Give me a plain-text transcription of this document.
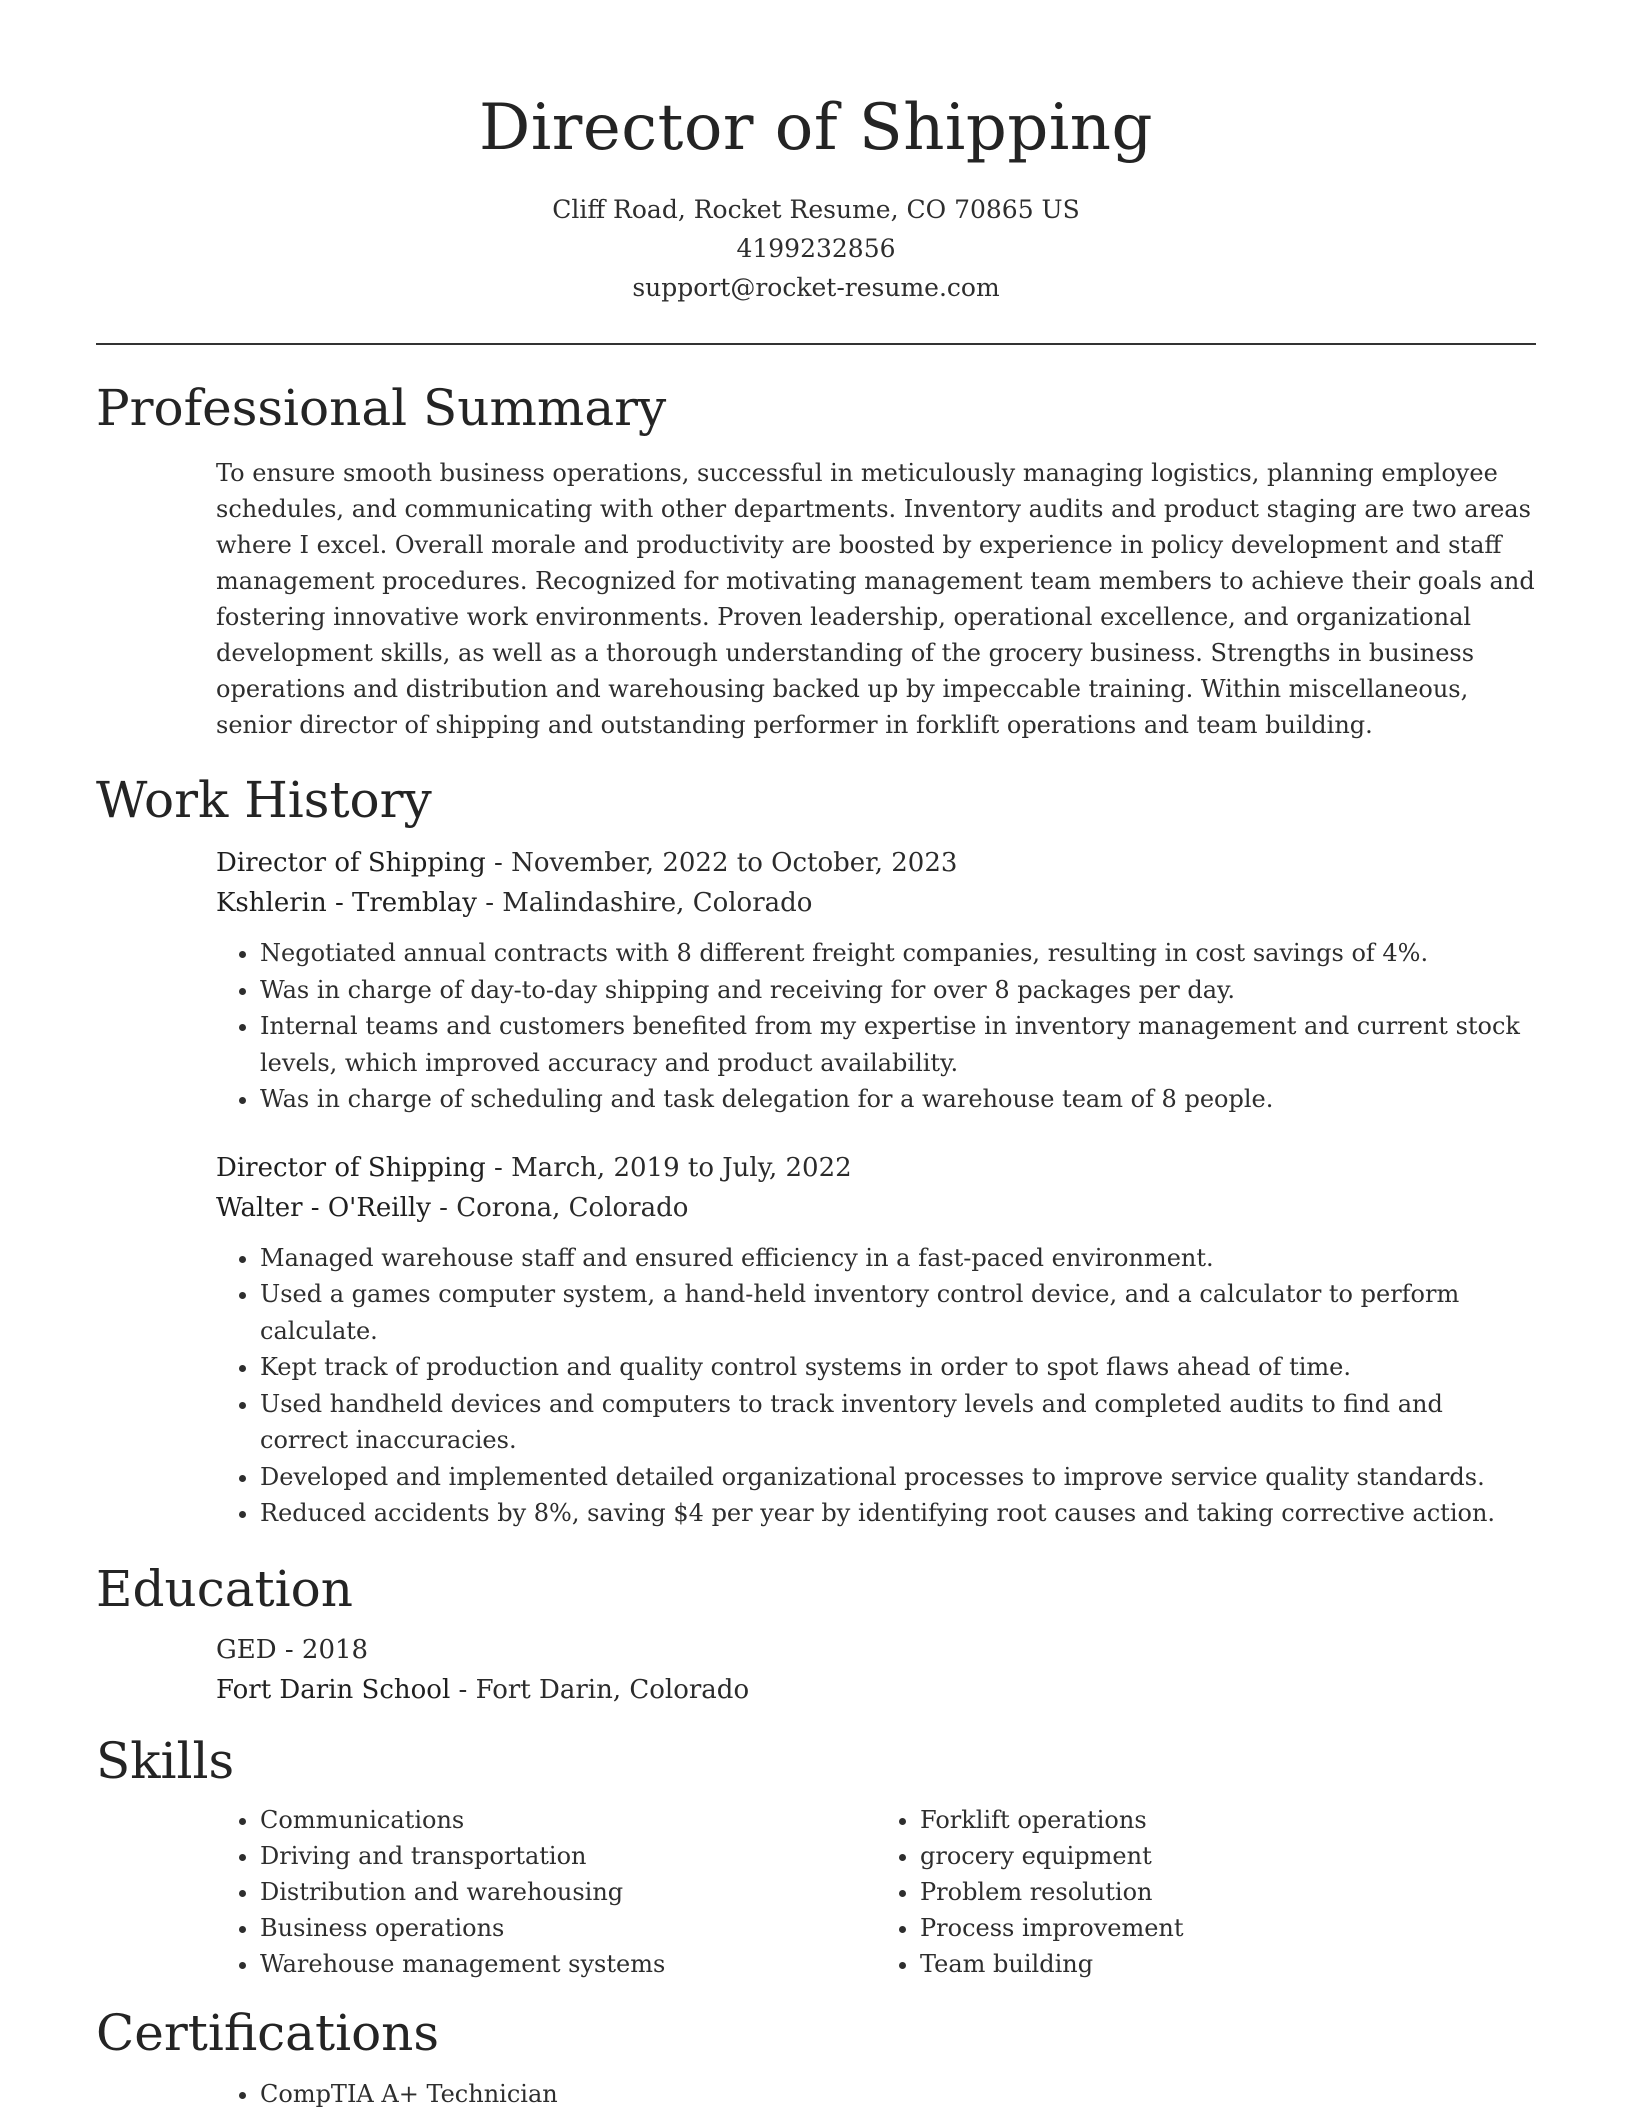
Director of Shipping
Cliff Road, Rocket Resume, CO 70865 US
4199232856
support@rocket-resume.com
Professional Summary

To ensure smooth business operations, successful in meticulously managing logistics, planning employee schedules, and communicating with other departments. Inventory audits and product staging are two areas where I excel. Overall morale and productivity are boosted by experience in policy development and staff management procedures. Recognized for motivating management team members to achieve their goals and fostering innovative work environments. Proven leadership, operational excellence, and organizational development skills, as well as a thorough understanding of the grocery business. Strengths in business operations and distribution and warehousing backed up by impeccable training. Within miscellaneous, senior director of shipping and outstanding performer in forklift operations and team building.

Work History
Director of Shipping - November, 2022 to October, 2023
Kshlerin - Tremblay - Malindashire, Colorado
• Negotiated annual contracts with 8 different freight companies, resulting in cost savings of 4%.
• Was in charge of day-to-day shipping and receiving for over 8 packages per day.
• Internal teams and customers benefited from my expertise in inventory management and current stock levels, which improved accuracy and product availability.
• Was in charge of scheduling and task delegation for a warehouse team of 8 people.
Director of Shipping - March, 2019 to July, 2022
Walter - O'Reilly - Corona, Colorado
• Managed warehouse staff and ensured efficiency in a fast-paced environment.
• Used a games computer system, a hand-held inventory control device, and a calculator to perform calculate.
• Kept track of production and quality control systems in order to spot flaws ahead of time.
• Used handheld devices and computers to track inventory levels and completed audits to find and correct inaccuracies.
• Developed and implemented detailed organizational processes to improve service quality standards.
• Reduced accidents by 8%, saving $4 per year by identifying root causes and taking corrective action.
Education
GED - 2018
Fort Darin School - Fort Darin, Colorado
Skills
• Communications
• Driving and transportation
• Distribution and warehousing
• Business operations
• Warehouse management systems
• Forklift operations
• grocery equipment
• Problem resolution
• Process improvement
• Team building
Certifications
• CompTIA A+ Technician
